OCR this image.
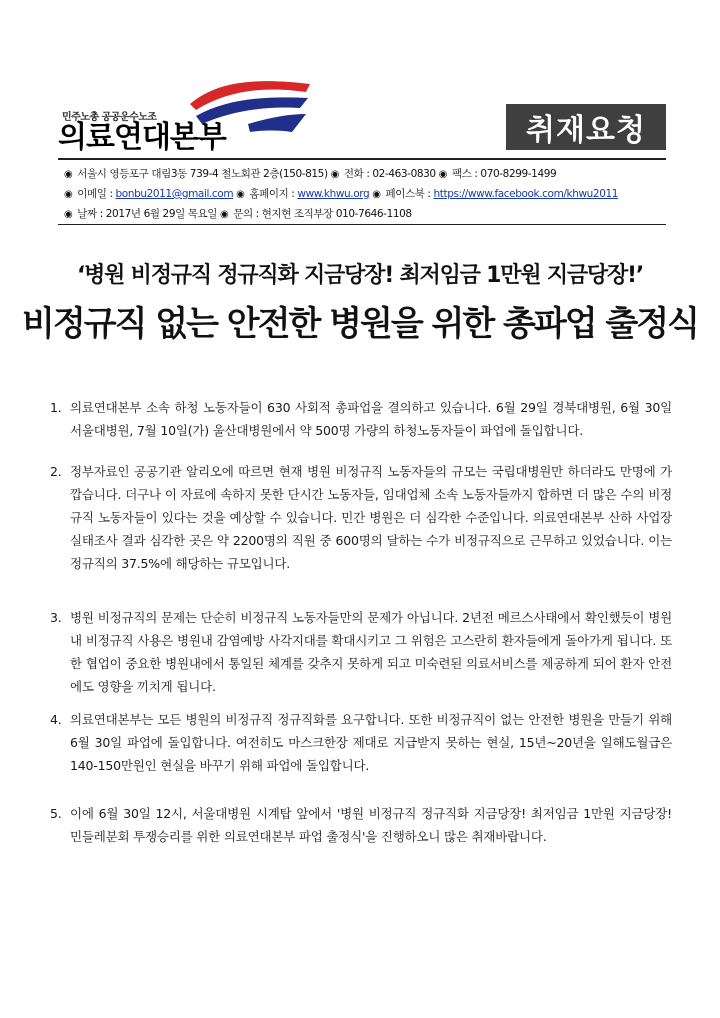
민주노총 공공운수노조
의료연대본부	취재요청
◉ 서울시 영등포구 대림3동 739-4 철노회관 2층(150-815) ◉ 전화 : 02-463-0830 ◉ 팩스 : 070-8299-1499
◉ 이메일 : bonbu2011@gmail.com ◉ 홈페이지 : www.khwu.org ◉ 페이스북 : https://www.facebook.com/khwu2011
◉ 날짜 : 2017년 6월 29일 목요일 ◉ 문의 : 현지현 조직부장 010-7646-1108
‘병원 비정규직 정규직화 지금당장! 최저임금 1만원 지금당장!’
비정규직 없는 안전한 병원을 위한 총파업 출정식
1. 의료연대본부 소속 하청 노동자들이 630 사회적 총파업을 결의하고 있습니다. 6월 29일 경북대병원, 6월 30일 서울대병원, 7월 10일(가) 울산대병원에서 약 500명 가량의 하청노동자들이 파업에 돌입합니다.
2. 정부자료인 공공기관 알리오에 따르면 현재 병원 비정규직 노동자들의 규모는 국립대병원만 하더라도 만명에 가깝습니다. 더구나 이 자료에 속하지 못한 단시간 노동자들, 임대업체 소속 노동자들까지 합하면 더 많은 수의 비정규직 노동자들이 있다는 것을 예상할 수 있습니다. 민간 병원은 더 심각한 수준입니다. 의료연대본부 산하 사업장 실태조사 결과 심각한 곳은 약 2200명의 직원 중 600명의 달하는 수가 비정규직으로 근무하고 있었습니다. 이는 정규직의 37.5%에 해당하는 규모입니다.
3. 병원 비정규직의 문제는 단순히 비정규직 노동자들만의 문제가 아닙니다. 2년전 메르스사태에서 확인했듯이 병원내 비정규직 사용은 병원내 감염예방 사각지대를 확대시키고 그 위험은 고스란히 환자들에게 돌아가게 됩니다. 또한 협업이 중요한 병원내에서 통일된 체계를 갖추지 못하게 되고 미숙련된 의료서비스를 제공하게 되어 환자 안전에도 영향을 끼치게 됩니다.
4. 의료연대본부는 모든 병원의 비정규직 정규직화를 요구합니다. 또한 비정규직이 없는 안전한 병원을 만들기 위해 6월 30일 파업에 돌입합니다. 여전히도 마스크한장 제대로 지급받지 못하는 현실, 15년~20년을 일해도월급은 140-150만원인 현실을 바꾸기 위해 파업에 돌입합니다.
5. 이에 6월 30일 12시, 서울대병원 시계탑 앞에서 '병원 비정규직 정규직화 지금당장! 최저임금 1만원 지금당장! 민들레분회 투쟁승리를 위한 의료연대본부 파업 출정식'을 진행하오니 많은 취재바랍니다.
